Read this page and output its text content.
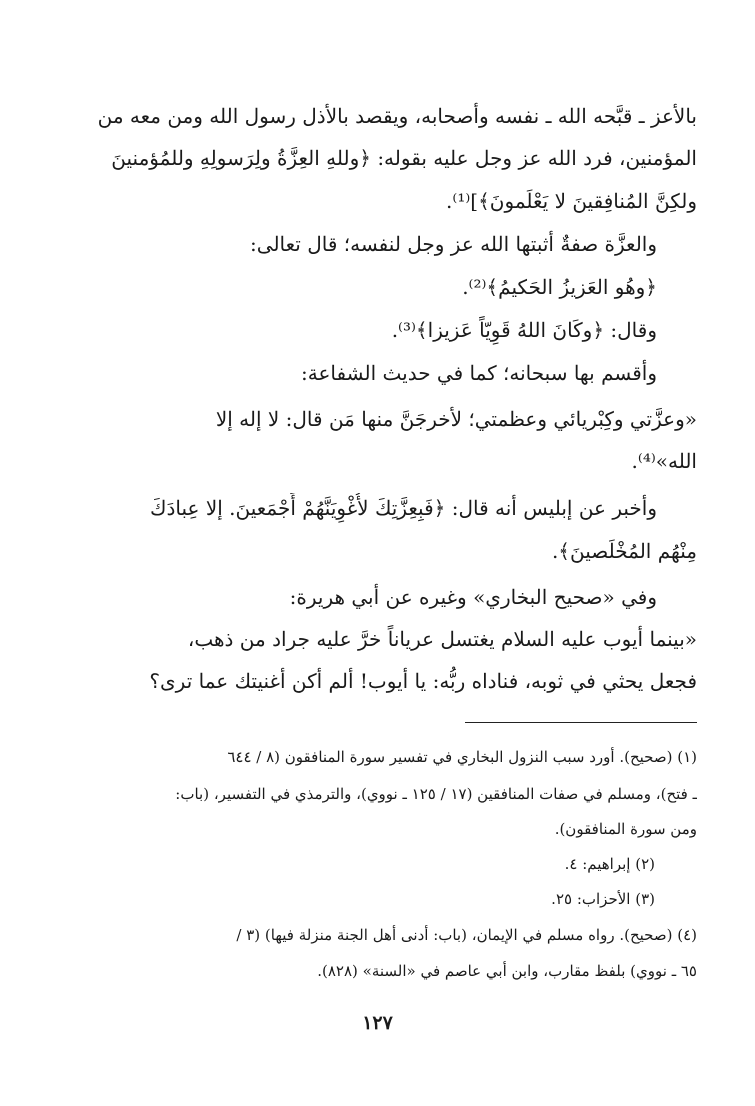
بالأعز ـ قبَّحه الله ـ نفسه وأصحابه، ويقصد بالأذل رسول الله ومن معه من
المؤمنين، فرد الله عز وجل عليه بقوله: ﴿وللهِ العِزَّةُ ولِرَسولِهِ وللمُؤمنينَ
ولكِنَّ المُنافِقينَ لا يَعْلَمونَ﴾]⁽¹⁾.
والعزَّة صفةٌ أثبتها الله عز وجل لنفسه؛ قال تعالى:
﴿وهُو العَزيزُ الحَكيمُ﴾⁽²⁾.
وقال: ﴿وكَانَ اللهُ قَوِيّاً عَزيزا﴾⁽³⁾.
وأقسم بها سبحانه؛ كما في حديث الشفاعة:
«وعزَّتي وكِبْريائي وعظمتي؛ لأخرجَنَّ منها مَن قال: لا إله إلا
الله»⁽⁴⁾.
وأخبر عن إبليس أنه قال: ﴿فَبِعِزَّتِكَ لأُغْوِيَنَّهُمْ أَجْمَعينَ. إلا عِبادَكَ
مِنْهُم المُخْلَصينَ﴾.
وفي «صحيح البخاري» وغيره عن أبي هريرة:
«بينما أيوب عليه السلام يغتسل عرياناً خرَّ عليه جراد من ذهب،
فجعل يحثي في ثوبه، فناداه ربُّه: يا أيوب! ألم أكن أغنيتك عما ترى؟
(١) (صحيح). أورد سبب النزول البخاري في تفسير سورة المنافقون (٨ / ٦٤٤
ـ فتح)، ومسلم في صفات المنافقين (١٧ / ١٢٥ ـ نووي)، والترمذي في التفسير، (باب:
ومن سورة المنافقون).
(٢) إبراهيم: ٤.
(٣) الأحزاب: ٢٥.
(٤) (صحيح). رواه مسلم في الإيمان، (باب: أدنى أهل الجنة منزلة فيها) (٣ /
٦٥ ـ نووي) بلفظ مقارب، وابن أبي عاصم في «السنة» (٨٢٨).
١٢٧
